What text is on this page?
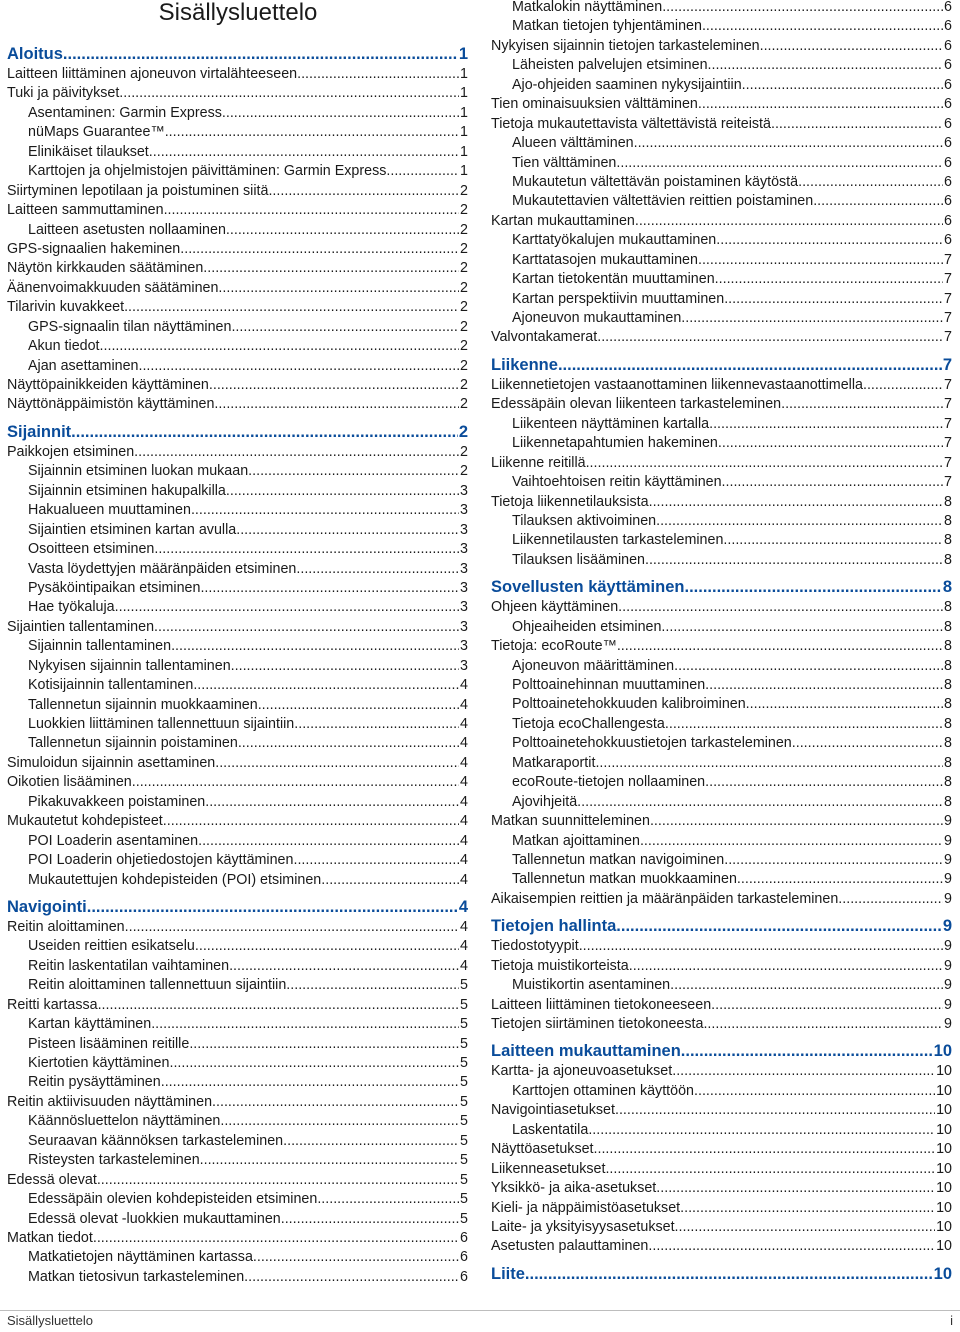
Sisällysluettelo
Aloitus .....	1
Laitteen liittäminen ajoneuvon virtalähteeseen .....	1
Tuki ja päivitykset .....	1
Asentaminen: Garmin Express .....	1
nüMaps Guarantee™ .....	1
Elinikäiset tilaukset .....	1
Karttojen ja ohjelmistojen päivittäminen: Garmin Express .....	1
Siirtyminen lepotilaan ja poistuminen siitä .....	2
Laitteen sammuttaminen .....	2
Laitteen asetusten nollaaminen .....	2
GPS-signaalien hakeminen .....	2
Näytön kirkkauden säätäminen .....	2
Äänenvoimakkuuden säätäminen .....	2
Tilarivin kuvakkeet .....	2
GPS-signaalin tilan näyttäminen .....	2
Akun tiedot .....	2
Ajan asettaminen .....	2
Näyttöpainikkeiden käyttäminen .....	2
Näyttönäppäimistön käyttäminen .....	2
Sijainnit .....	2
Paikkojen etsiminen .....	2
Sijainnin etsiminen luokan mukaan .....	2
Sijainnin etsiminen hakupalkilla .....	3
Hakualueen muuttaminen .....	3
Sijaintien etsiminen kartan avulla .....	3
Osoitteen etsiminen .....	3
Vasta löydettyjen määränpäiden etsiminen .....	3
Pysäköintipaikan etsiminen .....	3
Hae työkaluja .....	3
Sijaintien tallentaminen .....	3
Sijainnin tallentaminen .....	3
Nykyisen sijainnin tallentaminen .....	3
Kotisijainnin tallentaminen .....	4
Tallennetun sijainnin muokkaaminen .....	4
Luokkien liittäminen tallennettuun sijaintiin .....	4
Tallennetun sijainnin poistaminen .....	4
Simuloidun sijainnin asettaminen .....	4
Oikotien lisääminen .....	4
Pikakuvakkeen poistaminen .....	4
Mukautetut kohdepisteet .....	4
POI Loaderin asentaminen .....	4
POI Loaderin ohjetiedostojen käyttäminen .....	4
Mukautettujen kohdepisteiden (POI) etsiminen .....	4
Navigointi .....	4
Reitin aloittaminen .....	4
Useiden reittien esikatselu .....	4
Reitin laskentatilan vaihtaminen .....	4
Reitin aloittaminen tallennettuun sijaintiin .....	5
Reitti kartassa .....	5
Kartan käyttäminen .....	5
Pisteen lisääminen reitille .....	5
Kiertotien käyttäminen .....	5
Reitin pysäyttäminen .....	5
Reitin aktiivisuuden näyttäminen .....	5
Käännösluettelon näyttäminen .....	5
Seuraavan käännöksen tarkasteleminen .....	5
Risteysten tarkasteleminen .....	5
Edessä olevat .....	5
Edessäpäin olevien kohdepisteiden etsiminen .....	5
Edessä olevat -luokkien mukauttaminen .....	5
Matkan tiedot .....	6
Matkatietojen näyttäminen kartassa .....	6
Matkan tietosivun tarkasteleminen .....	6
Matkalokin näyttäminen .....	6
Matkan tietojen tyhjentäminen .....	6
Nykyisen sijainnin tietojen tarkasteleminen .....	6
Läheisten palvelujen etsiminen .....	6
Ajo-ohjeiden saaminen nykysijaintiin .....	6
Tien ominaisuuksien välttäminen .....	6
Tietoja mukautettavista vältettävistä reiteistä .....	6
Alueen välttäminen .....	6
Tien välttäminen .....	6
Mukautetun vältettävän poistaminen käytöstä .....	6
Mukautettavien vältettävien reittien poistaminen .....	6
Kartan mukauttaminen .....	6
Karttatyökalujen mukauttaminen .....	6
Karttatasojen mukauttaminen .....	7
Kartan tietokentän muuttaminen .....	7
Kartan perspektiivin muuttaminen .....	7
Ajoneuvon mukauttaminen .....	7
Valvontakamerat .....	7
Liikenne .....	7
Liikennetietojen vastaanottaminen liikennevastaanottimella .....	7
Edessäpäin olevan liikenteen tarkasteleminen .....	7
Liikenteen näyttäminen kartalla .....	7
Liikennetapahtumien hakeminen .....	7
Liikenne reitillä .....	7
Vaihtoehtoisen reitin käyttäminen .....	7
Tietoja liikennetilauksista .....	8
Tilauksen aktivoiminen .....	8
Liikennetilausten tarkasteleminen .....	8
Tilauksen lisääminen .....	8
Sovellusten käyttäminen .....	8
Ohjeen käyttäminen .....	8
Ohjeaiheiden etsiminen .....	8
Tietoja: ecoRoute™ .....	8
Ajoneuvon määrittäminen .....	8
Polttoainehinnan muuttaminen .....	8
Polttoainetehokkuuden kalibroiminen .....	8
Tietoja ecoChallengesta .....	8
Polttoainetehokkuustietojen tarkasteleminen .....	8
Matkaraportit .....	8
ecoRoute-tietojen nollaaminen .....	8
Ajovihjeitä .....	8
Matkan suunnitteleminen .....	9
Matkan ajoittaminen .....	9
Tallennetun matkan navigoiminen .....	9
Tallennetun matkan muokkaaminen .....	9
Aikaisempien reittien ja määränpäiden tarkasteleminen .....	9
Tietojen hallinta .....	9
Tiedostotyypit .....	9
Tietoja muistikorteista .....	9
Muistikortin asentaminen .....	9
Laitteen liittäminen tietokoneeseen .....	9
Tietojen siirtäminen tietokoneesta .....	9
Laitteen mukauttaminen .....	10
Kartta- ja ajoneuvoasetukset .....	10
Karttojen ottaminen käyttöön .....	10
Navigointiasetukset .....	10
Laskentatila .....	10
Näyttöasetukset .....	10
Liikenneasetukset .....	10
Yksikkö- ja aika-asetukset .....	10
Kieli- ja näppäimistöasetukset .....	10
Laite- ja yksityisyysasetukset .....	10
Asetusten palauttaminen .....	10
Liite .....	10
Sisällysluettelo	i
